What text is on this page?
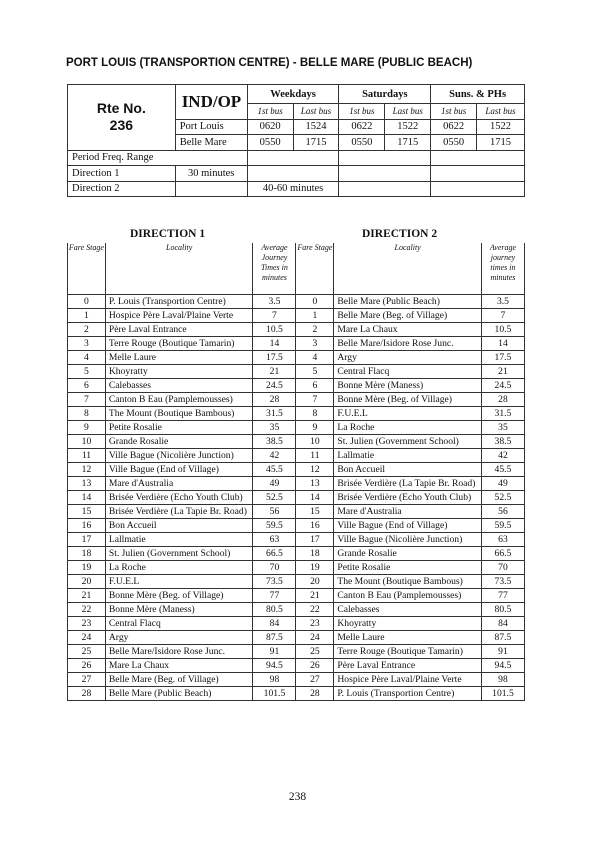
PORT LOUIS (TRANSPORTION CENTRE) - BELLE MARE (PUBLIC BEACH)
Rte No.
236	IND/OP	Weekdays		Saturdays		Suns. & PHs	
		1st bus	Last bus	1st bus	Last bus	1st bus	Last bus
	Port Louis	0620	1524	0622	1522	0622	1522
	Belle Mare	0550	1715	0550	1715	0550	1715
Period Freq. Range							
Direction 1	30 minutes						
Direction 2		40-60 minutes					
DIRECTION 1	DIRECTION 2
Fare Stage	Locality	Average Journey Times in minutes	Fare Stage	Locality	Average journey times in minutes
0	P. Louis (Transportion Centre)	3.5	0	Belle Mare (Public Beach)	3.5
1	Hospice Père Laval/Plaine Verte	7	1	Belle Mare (Beg. of Village)	7
2	Père Laval Entrance	10.5	2	Mare La Chaux	10.5
3	Terre Rouge (Boutique Tamarin)	14	3	Belle Mare/Isidore Rose Junc.	14
4	Melle Laure	17.5	4	Argy	17.5
5	Khoyratty	21	5	Central Flacq	21
6	Calebasses	24.5	6	Bonne Mère (Maness)	24.5
7	Canton B Eau (Pamplemousses)	28	7	Bonne Mère (Beg. of Village)	28
8	The Mount (Boutique Bambous)	31.5	8	F.U.E.L	31.5
9	Petite Rosalie	35	9	La Roche	35
10	Grande Rosalie	38.5	10	St. Julien (Government School)	38.5
11	Ville Bague (Nicolière Junction)	42	11	Lallmatie	42
12	Ville Bague (End of Village)	45.5	12	Bon Accueil	45.5
13	Mare d'Australia	49	13	Brisée Verdière (La Tapie Br. Road)	49
14	Brisée Verdière (Echo Youth Club)	52.5	14	Brisée Verdière (Echo Youth Club)	52.5
15	Brisée Verdière (La Tapie Br. Road)	56	15	Mare d'Australia	56
16	Bon Accueil	59.5	16	Ville Bague (End of Village)	59.5
17	Lallmatie	63	17	Ville Bague (Nicolière Junction)	63
18	St. Julien (Government School)	66.5	18	Grande Rosalie	66.5
19	La Roche	70	19	Petite Rosalie	70
20	F.U.E.L	73.5	20	The Mount (Boutique Bambous)	73.5
21	Bonne Mère (Beg. of Village)	77	21	Canton B Eau (Pamplemousses)	77
22	Bonne Mère (Maness)	80.5	22	Calebasses	80.5
23	Central Flacq	84	23	Khoyratty	84
24	Argy	87.5	24	Melle Laure	87.5
25	Belle Mare/Isidore Rose Junc.	91	25	Terre Rouge (Boutique Tamarin)	91
26	Mare La Chaux	94.5	26	Père Laval Entrance	94.5
27	Belle Mare (Beg. of Village)	98	27	Hospice Père Laval/Plaine Verte	98
28	Belle Mare (Public Beach)	101.5	28	P. Louis (Transportion Centre)	101.5
238
